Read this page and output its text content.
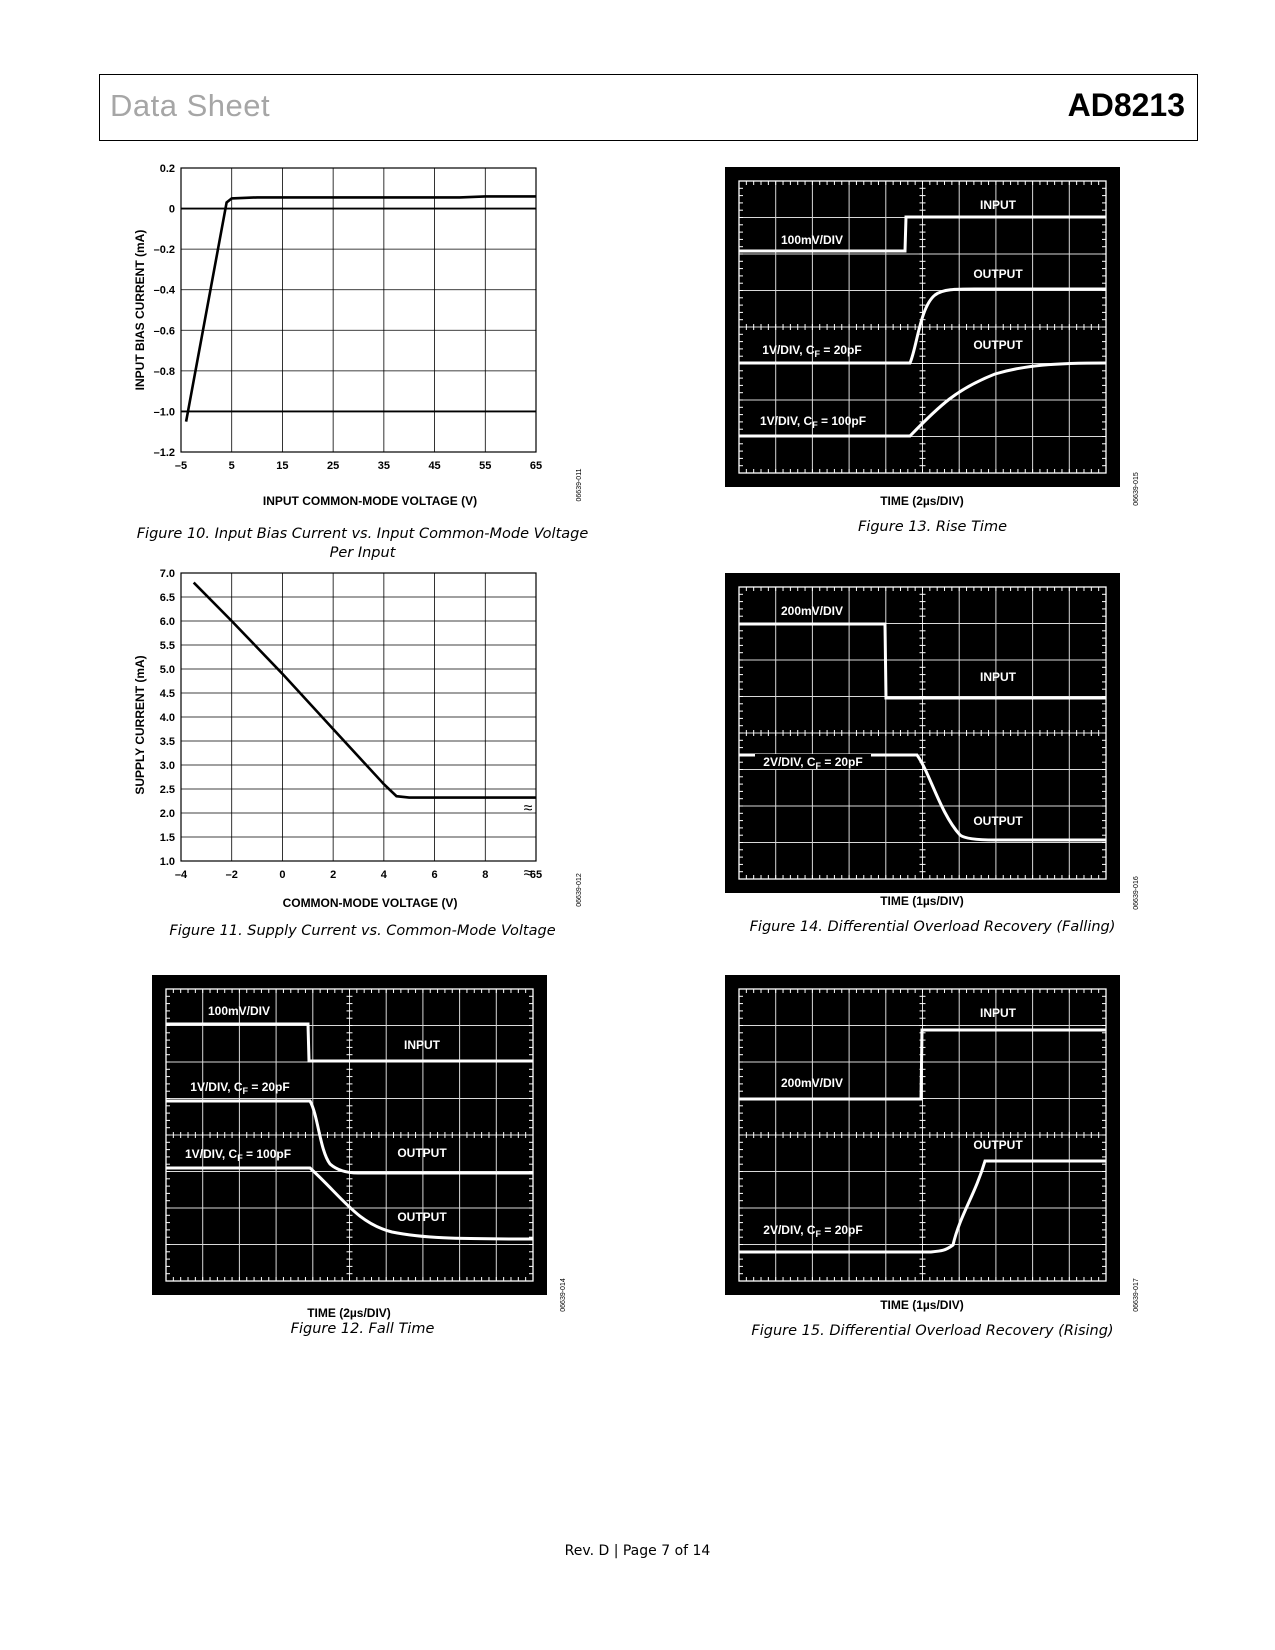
Data Sheet	AD8213
0.2
0
–0.2
–0.4
–0.6
–0.8
–1.0
–1.2
–5	5	15	25	35	45	55	65
INPUT COMMON-MODE VOLTAGE (V)
INPUT BIAS CURRENT (mA)
06639-011
Figure 10. Input Bias Current vs. Input Common-Mode Voltage
Per Input
7.0
6.5
6.0
5.5
5.0
4.5
4.0
3.5
3.0
2.5
2.0
1.5
1.0
–4	–2	0	2	4	6	8	65
≈
≈
COMMON-MODE VOLTAGE (V)
SUPPLY CURRENT (mA)
06639-012
Figure 11. Supply Current vs. Common-Mode Voltage
100mV/DIV
INPUT
1V/DIV, $C_F = 20pF$
OUTPUT
1V/DIV, $C_F = 100pF$
OUTPUT
TIME (2µs/DIV)
06639-014
Figure 12. Fall Time
INPUT
100mV/DIV
OUTPUT
1V/DIV, $C_F = 20pF$	OUTPUT
1V/DIV, $C_F = 100pF$
TIME (2µs/DIV)	06639-015
Figure 13. Rise Time
200mV/DIV
INPUT
2V/DIV, $C_F = 20pF$
OUTPUT
TIME (1µs/DIV)	06639-016
Figure 14. Differential Overload Recovery (Falling)
INPUT
200mV/DIV
OUTPUT
2V/DIV, $C_F = 20pF$
TIME (1µs/DIV)	06639-017
Figure 15. Differential Overload Recovery (Rising)
Rev. D | Page 7 of 14
